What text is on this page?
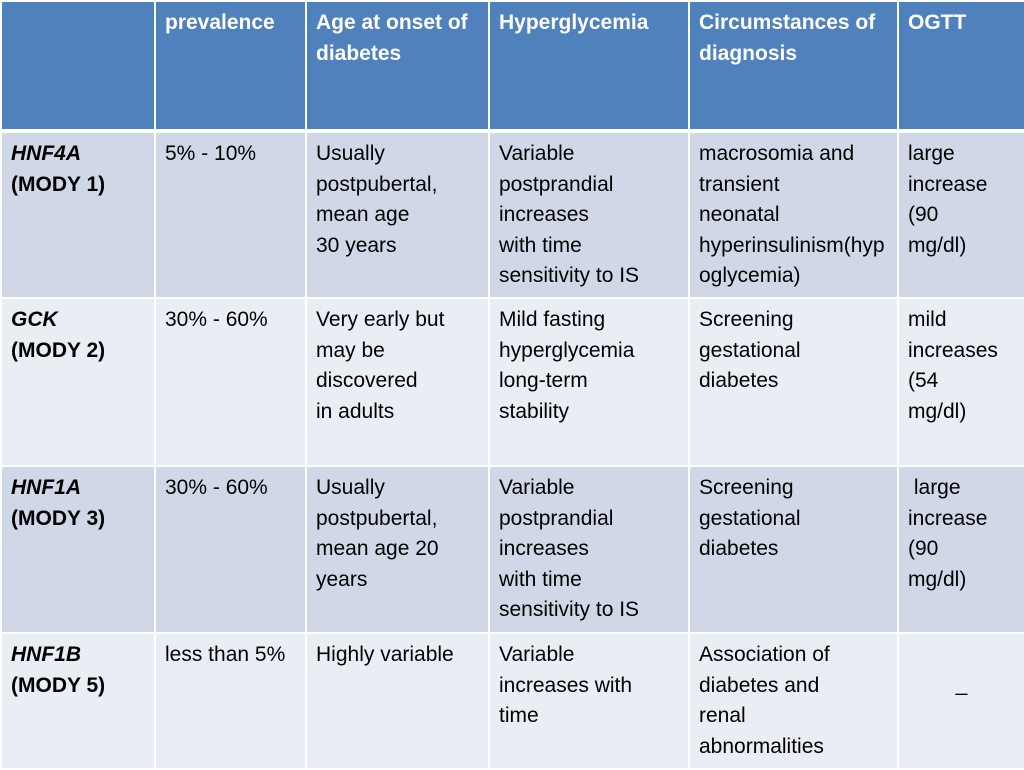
	prevalence	Age at onset of diabetes	Hyperglycemia	Circumstances of diagnosis	OGTT

HNF4A
(MODY 1)	5% - 10%	Usually
postpubertal,
mean age
30 years	Variable
postprandial
increases
with time
sensitivity to IS	macrosomia and
transient
neonatal
hyperinsulinism(hypoglycemia)	large
increase
(90
mg/dl)

GCK
(MODY 2)	30% - 60%	Very early but
may be
discovered
in adults	Mild fasting
hyperglycemia
long-term
stability	Screening
gestational
diabetes	mild
increases
(54
mg/dl)

HNF1A
(MODY 3)	30% - 60%	Usually
postpubertal,
mean age 20
years	Variable
postprandial
increases
with time
sensitivity to IS	Screening
gestational
diabetes	large
increase
(90
mg/dl)

HNF1B
(MODY 5)	less than 5%	Highly variable	Variable
increases with
time	Association of
diabetes and
renal
abnormalities	_
